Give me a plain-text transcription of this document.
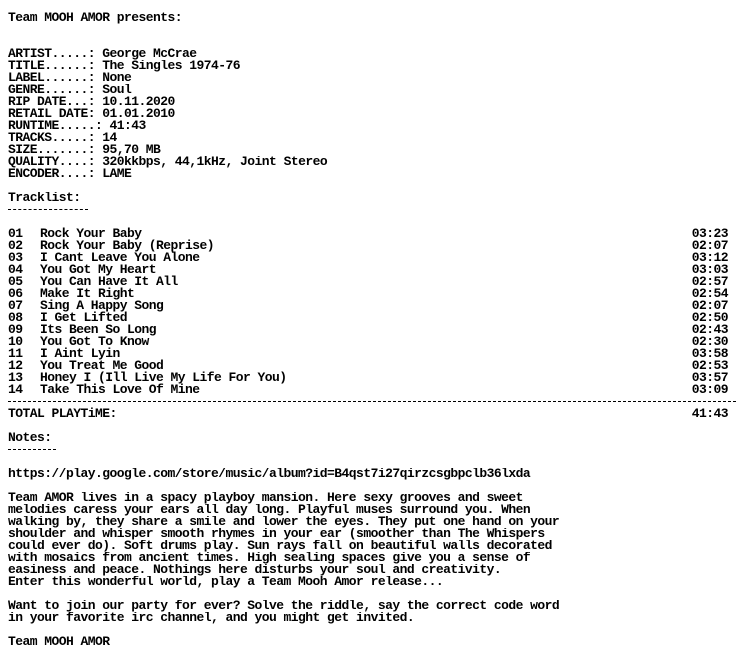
Team MOOH AMOR presents:
ARTIST.....: George McCrae
TITLE......: The Singles 1974-76
LABEL......: None
GENRE......: Soul
RIP DATE...: 10.11.2020
RETAIL DATE: 01.01.2010
RUNTIME.....: 41:43
TRACKS.....: 14
SIZE.......: 95,70 MB
QUALITY....: 320kkbps, 44,1kHz, Joint Stereo
ENCODER....: LAME
Tracklist:
01 Rock Your Baby	03:23
02 Rock Your Baby (Reprise)	02:07
03 I Cant Leave You Alone	03:12
04 You Got My Heart	03:03
05 You Can Have It All	02:57
06 Make It Right	02:54
07 Sing A Happy Song	02:07
08 I Get Lifted	02:50
09 Its Been So Long	02:43
10 You Got To Know	02:30
11 I Aint Lyin	03:58
12 You Treat Me Good	02:53
13 Honey I (Ill Live My Life For You)	03:57
14 Take This Love Of Mine	03:09
TOTAL PLAYTiME:	41:43
Notes:
https://play.google.com/store/music/album?id=B4qst7i27qirzcsgbpclb36lxda
Team AMOR lives in a spacy playboy mansion. Here sexy grooves and sweet
melodies caress your ears all day long. Playful muses surround you. When
walking by, they share a smile and lower the eyes. They put one hand on your
shoulder and whisper smooth rhymes in your ear (smoother than The Whispers
could ever do). Soft drums play. Sun rays fall on beautiful walls decorated
with mosaics from ancient times. High sealing spaces give you a sense of
easiness and peace. Nothings here disturbs your soul and creativity.
Enter this wonderful world, play a Team Mooh Amor release...
Want to join our party for ever? Solve the riddle, say the correct code word
in your favorite irc channel, and you might get invited.
Team MOOH AMOR
